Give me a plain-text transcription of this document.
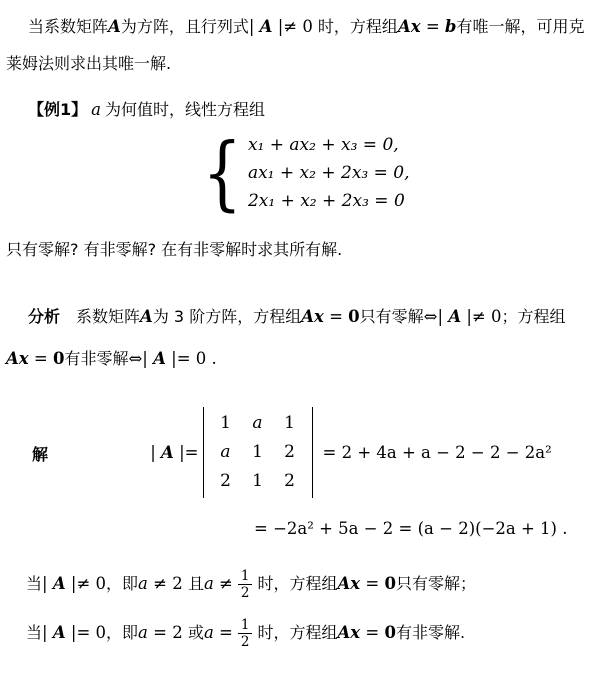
当系数矩阵A为方阵，且行列式| A |≠ 0 时，方程组Ax = b有唯一解，可用克
莱姆法则求出其唯一解.

【例1】 a 为何值时，线性方程组

{ x₁ + ax₂ + x₃ = 0,
ax₁ + x₂ + 2x₃ = 0,
2x₁ + x₂ + 2x₃ = 0

只有零解? 有非零解? 在有非零解时求其所有解.

分析 系数矩阵A为 3 阶方阵，方程组Ax = 0只有零解⇔| A |≠ 0；方程组
Ax = 0有非零解⇔| A |= 0 .

解	| A |=
1	a	1
a	1	2
2	1	2
= 2 + 4a + a − 2 − 2 − 2a²

= −2a² + 5a − 2 = (a − 2)(−2a + 1) .

当| A |≠ 0，即a ≠ 2 且$a \ne \frac{1}{2}$ 时，方程组Ax = 0只有零解；

当| A |= 0，即a = 2 或$a = \frac{1}{2}$ 时，方程组Ax = 0有非零解.
